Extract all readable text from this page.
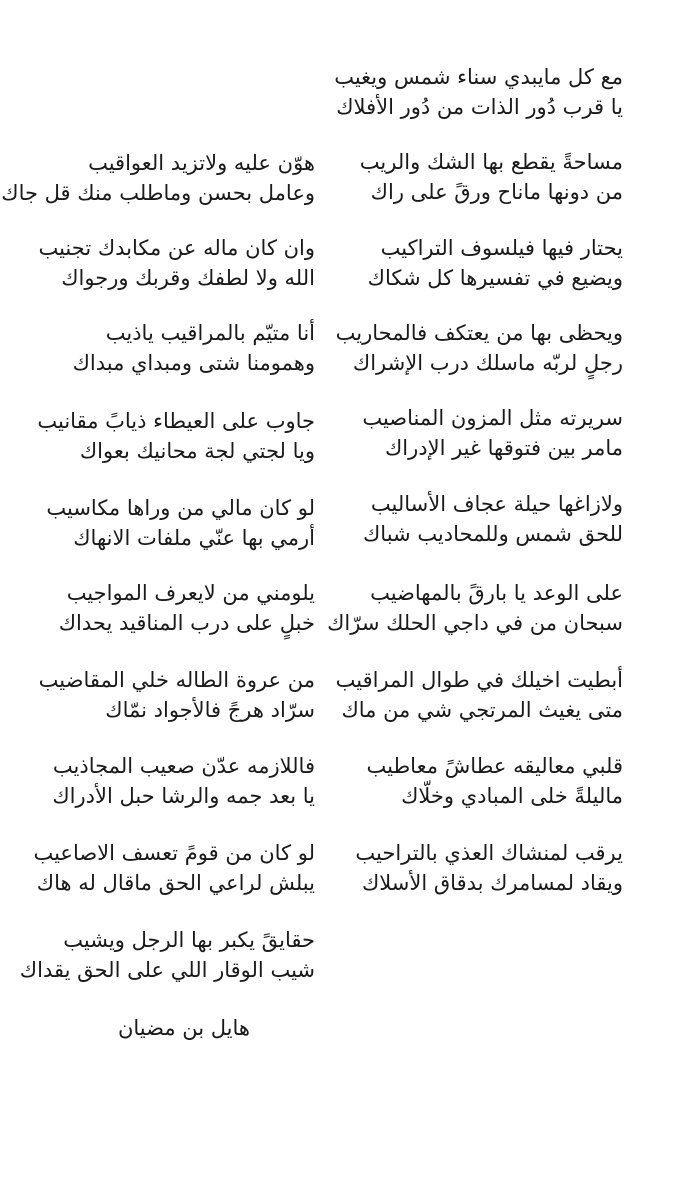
مع كل مايبدي سناء شمس ويغيب
يا قرب دُور الذات من دُور الأفلاك
مساحةً يقطع بها الشك والريب
من دونها ماناح ورقً على راك
يحتار فيها فيلسوف التراكيب
ويضيع في تفسيرها كل شكاك
ويحظى بها من يعتكف فالمحاريب
رجلٍ لربّه ماسلك درب الإشراك
سريرته مثل المزون المناصيب
مامر بين فتوقها غير الإدراك
ولازاغها حيلة عجاف الأساليب
للحق شمس وللمحاديب شباك
على الوعد يا بارقً بالمهاضيب
سبحان من في داجي الحلك سرّاك
أبطيت اخيلك في طوال المراقيب
متى يغيث المرتجي شي من ماك
قلبي معاليقه عطاشً معاطيب
ماليلةً خلى المبادي وخلّاك
يرقب لمنشاك العذي بالتراحيب
ويقاد لمسامرك بدقاق الأسلاك
هوّن عليه ولاتزيد العواقيب
وعامل بحسن وماطلب منك قل جاك
وان كان ماله عن مكابدك تجنيب
الله ولا لطفك وقربك ورجواك
أنا متيّم بالمراقيب ياذيب
وهمومنا شتى ومبداي مبداك
جاوب على العيطاء ذيابً مقانيب
ويا لجتي لجة محانيك بعواك
لو كان مالي من وراها مكاسيب
أرمي بها عنّي ملفات الانهاك
يلومني من لايعرف المواجيب
خبلٍ على درب المناقيد يحداك
من عروة الطاله خلي المقاضيب
سرّاد هرجً فالأجواد نمّاك
فاللازمه عدّن صعيب المجاذيب
يا بعد جمه والرشا حبل الأدراك
لو كان من قومً تعسف الاصاعيب
يبلش لراعي الحق ماقال له هاك
حقايقً يكبر بها الرجل ويشيب
شيب الوقار اللي على الحق يقداك
هايل بن مضيان
